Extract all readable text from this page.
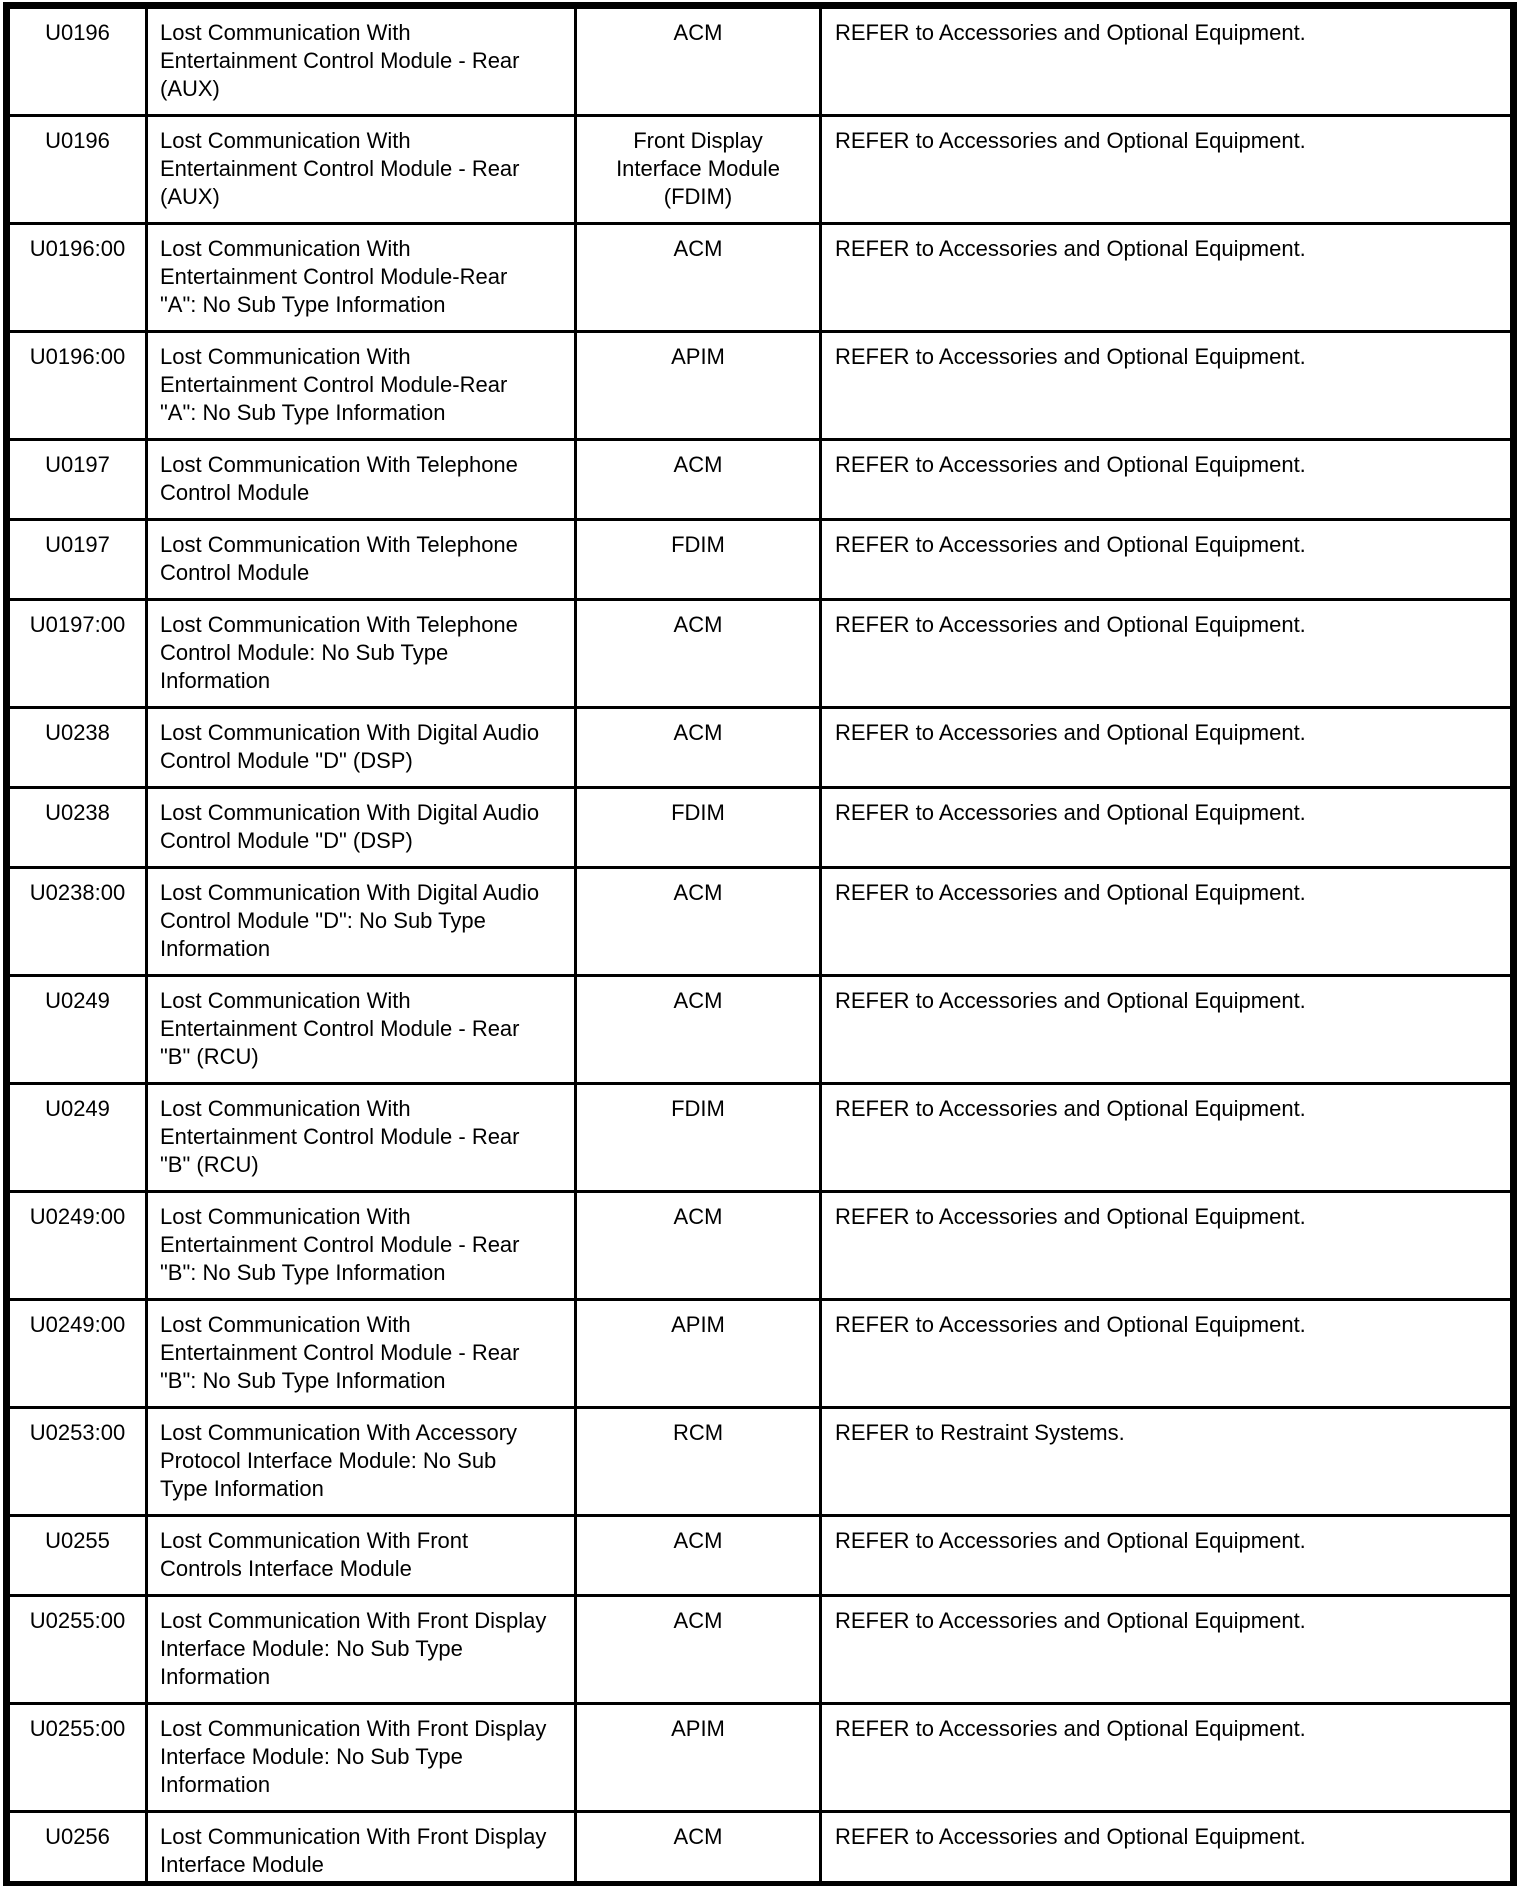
U0196	Lost Communication With Entertainment Control Module - Rear (AUX)	ACM	REFER to Accessories and Optional Equipment.
U0196	Lost Communication With Entertainment Control Module - Rear (AUX)	Front Display Interface Module (FDIM)	REFER to Accessories and Optional Equipment.
U0196:00	Lost Communication With Entertainment Control Module-Rear "A": No Sub Type Information	ACM	REFER to Accessories and Optional Equipment.
U0196:00	Lost Communication With Entertainment Control Module-Rear "A": No Sub Type Information	APIM	REFER to Accessories and Optional Equipment.
U0197	Lost Communication With Telephone Control Module	ACM	REFER to Accessories and Optional Equipment.
U0197	Lost Communication With Telephone Control Module	FDIM	REFER to Accessories and Optional Equipment.
U0197:00	Lost Communication With Telephone Control Module: No Sub Type Information	ACM	REFER to Accessories and Optional Equipment.
U0238	Lost Communication With Digital Audio Control Module "D" (DSP)	ACM	REFER to Accessories and Optional Equipment.
U0238	Lost Communication With Digital Audio Control Module "D" (DSP)	FDIM	REFER to Accessories and Optional Equipment.
U0238:00	Lost Communication With Digital Audio Control Module "D": No Sub Type Information	ACM	REFER to Accessories and Optional Equipment.
U0249	Lost Communication With Entertainment Control Module - Rear "B" (RCU)	ACM	REFER to Accessories and Optional Equipment.
U0249	Lost Communication With Entertainment Control Module - Rear "B" (RCU)	FDIM	REFER to Accessories and Optional Equipment.
U0249:00	Lost Communication With Entertainment Control Module - Rear "B": No Sub Type Information	ACM	REFER to Accessories and Optional Equipment.
U0249:00	Lost Communication With Entertainment Control Module - Rear "B": No Sub Type Information	APIM	REFER to Accessories and Optional Equipment.
U0253:00	Lost Communication With Accessory Protocol Interface Module: No Sub Type Information	RCM	REFER to Restraint Systems.
U0255	Lost Communication With Front Controls Interface Module	ACM	REFER to Accessories and Optional Equipment.
U0255:00	Lost Communication With Front Display Interface Module: No Sub Type Information	ACM	REFER to Accessories and Optional Equipment.
U0255:00	Lost Communication With Front Display Interface Module: No Sub Type Information	APIM	REFER to Accessories and Optional Equipment.
U0256	Lost Communication With Front Display Interface Module	ACM	REFER to Accessories and Optional Equipment.
